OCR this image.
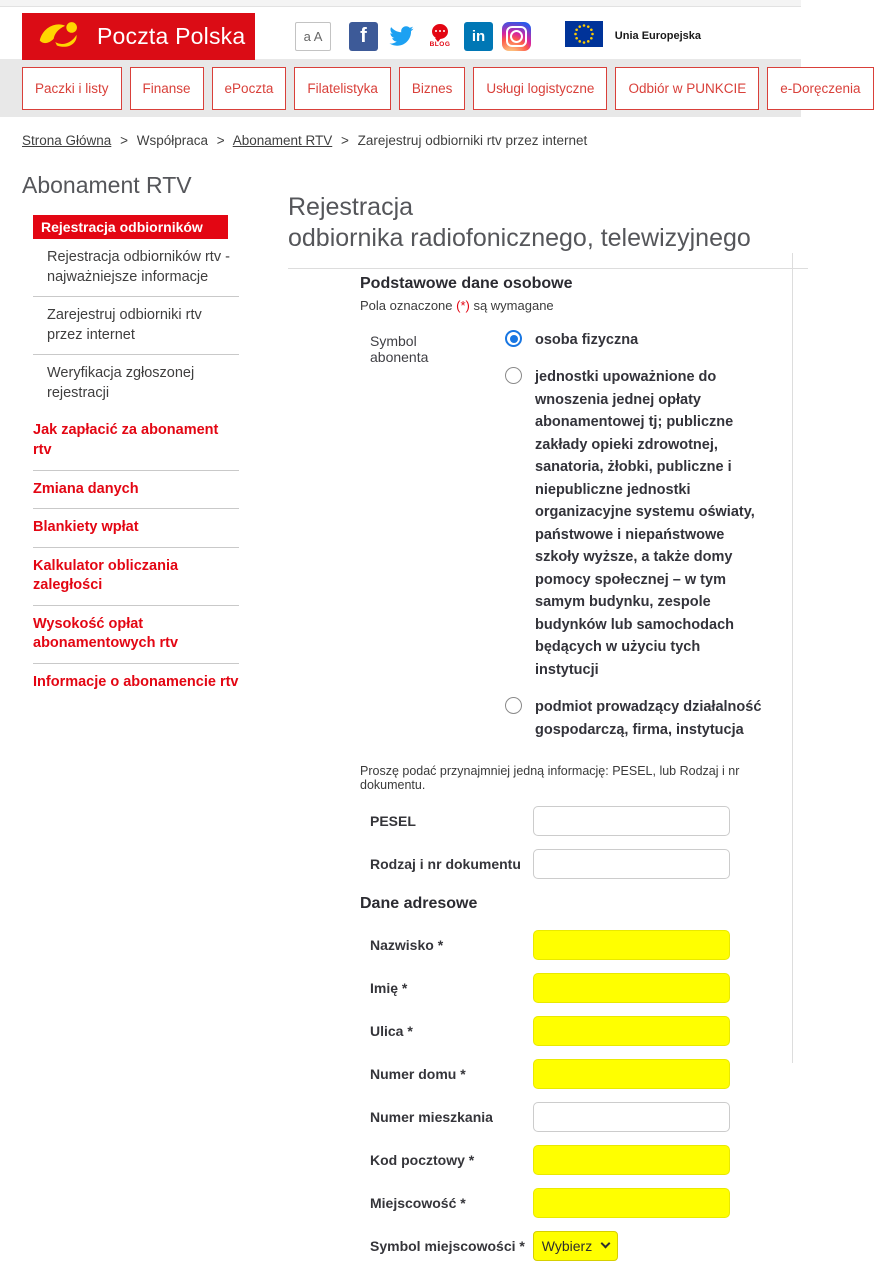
Poczta Polska	a A	f	BLOG	in	Unia Europejska
Paczki i listy	Finanse	ePoczta	Filatelistyka	Biznes	Usługi logistyczne	Odbiór w PUNKCIE	e-Doręczenia
Strona Główna > Współpraca > Abonament RTV > Zarejestruj odbiorniki rtv przez internet
Abonament RTV
Rejestracja odbiorników
Rejestracja odbiorników rtv - najważniejsze informacje
Zarejestruj odbiorniki rtv przez internet
Weryfikacja zgłoszonej rejestracji
Jak zapłacić za abonament rtv
Zmiana danych
Blankiety wpłat
Kalkulator obliczania zaległości
Wysokość opłat abonamentowych rtv
Informacje o abonamencie rtv
Rejestracja
odbiornika radiofonicznego, telewizyjnego
Podstawowe dane osobowe
Pola oznaczone (*) są wymagane
Symbol abonenta
osoba fizyczna
jednostki upoważnione do wnoszenia jednej opłaty abonamentowej tj; publiczne zakłady opieki zdrowotnej, sanatoria, żłobki, publiczne i niepubliczne jednostki organizacyjne systemu oświaty, państwowe i niepaństwowe szkoły wyższe, a także domy pomocy społecznej – w tym samym budynku, zespole budynków lub samochodach będących w użyciu tych instytucji
podmiot prowadzący działalność gospodarczą, firma, instytucja
Proszę podać przynajmniej jedną informację: PESEL, lub Rodzaj i nr dokumentu.
PESEL
Rodzaj i nr dokumentu
Dane adresowe
Nazwisko *
Imię *
Ulica *
Numer domu *
Numer mieszkania
Kod pocztowy *
Miejscowość *
Symbol miejscowości *	Wybierz
